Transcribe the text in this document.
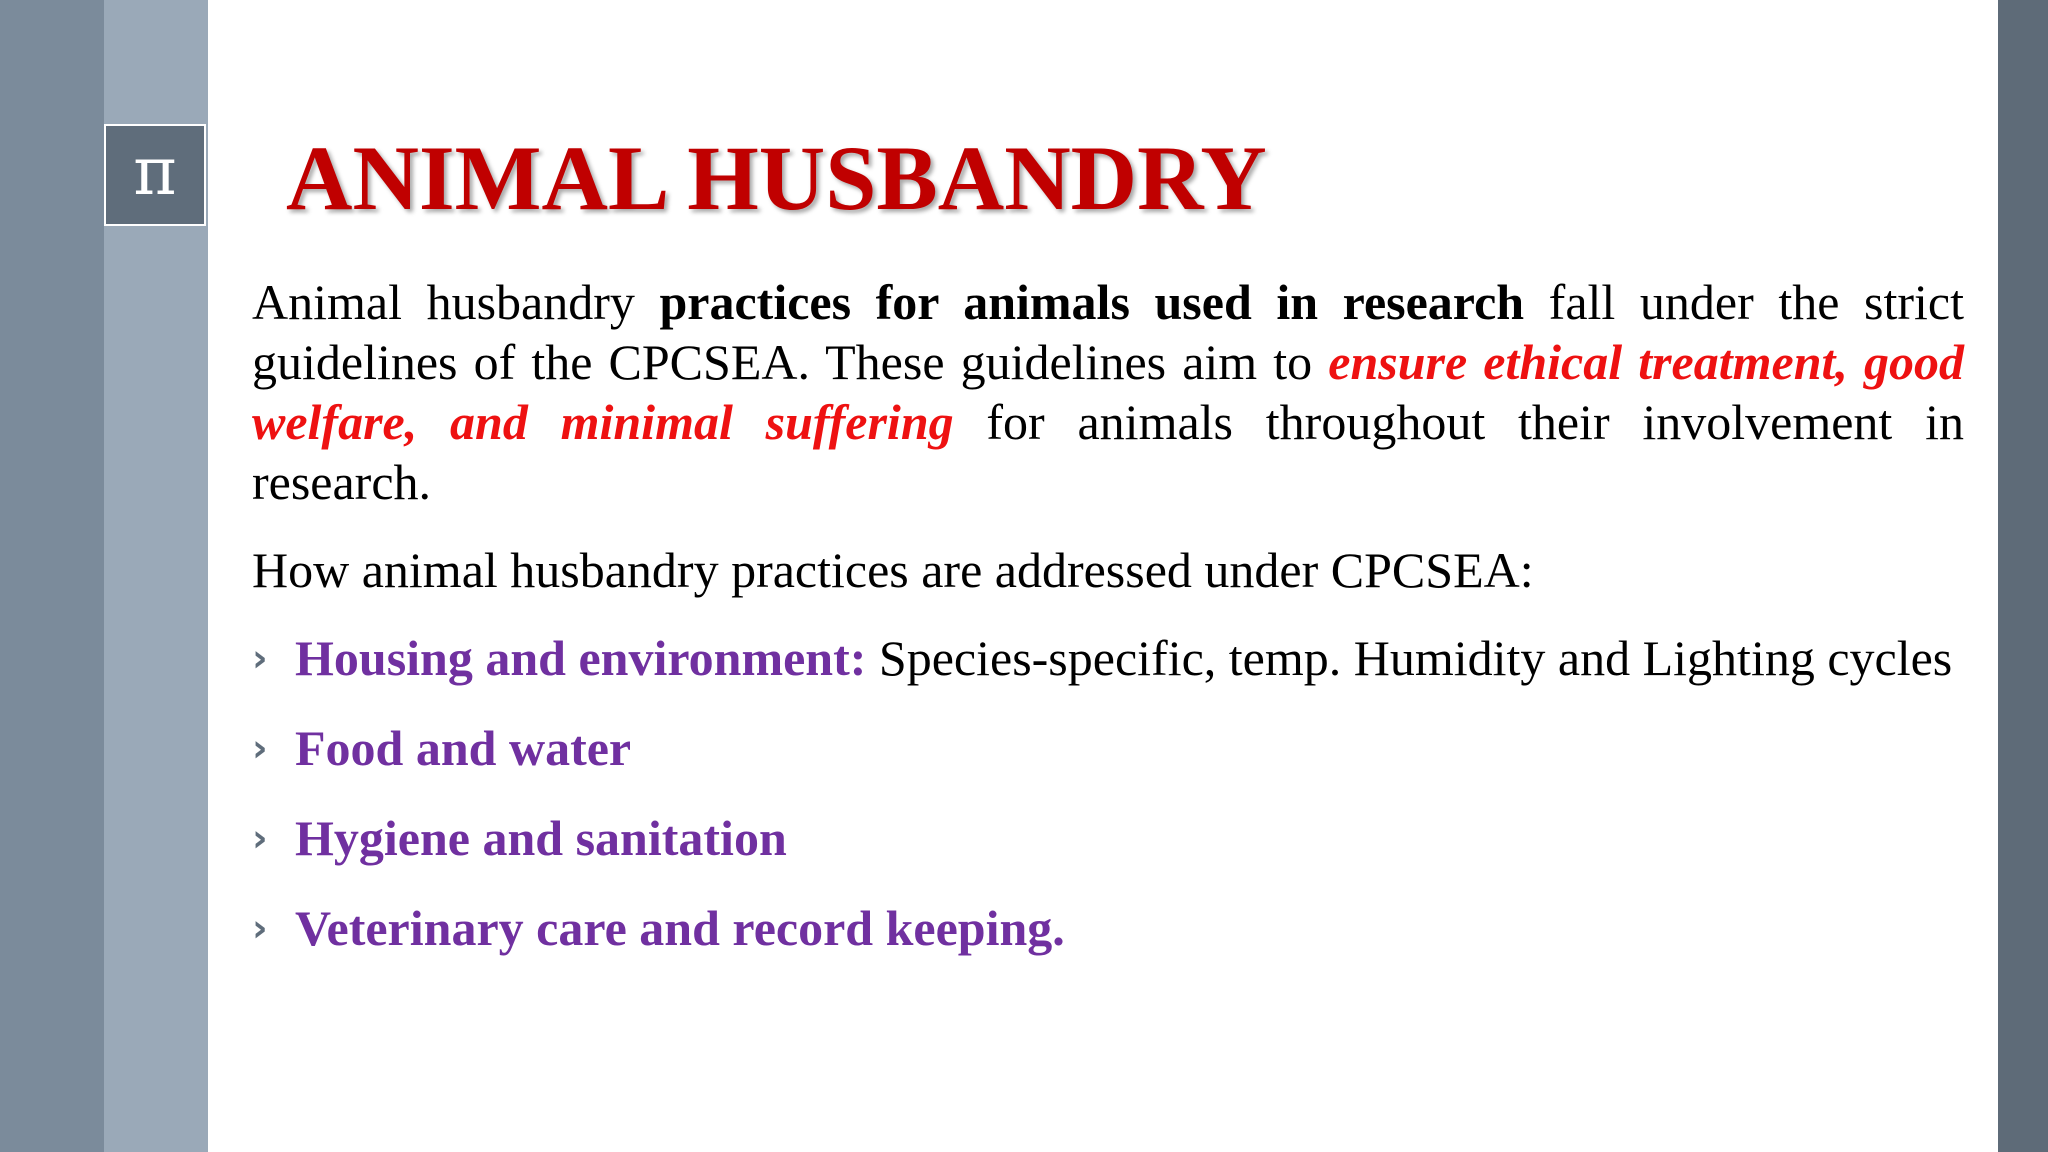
π ANIMAL HUSBANDRY

Animal husbandry practices for animals used in research fall under the strict guidelines of the CPCSEA. These guidelines aim to ensure ethical treatment, good welfare, and minimal suffering for animals throughout their involvement in research.

How animal husbandry practices are addressed under CPCSEA:

› Housing and environment: Species-specific, temp. Humidity and Lighting cycles
› Food and water
› Hygiene and sanitation
› Veterinary care and record keeping.
